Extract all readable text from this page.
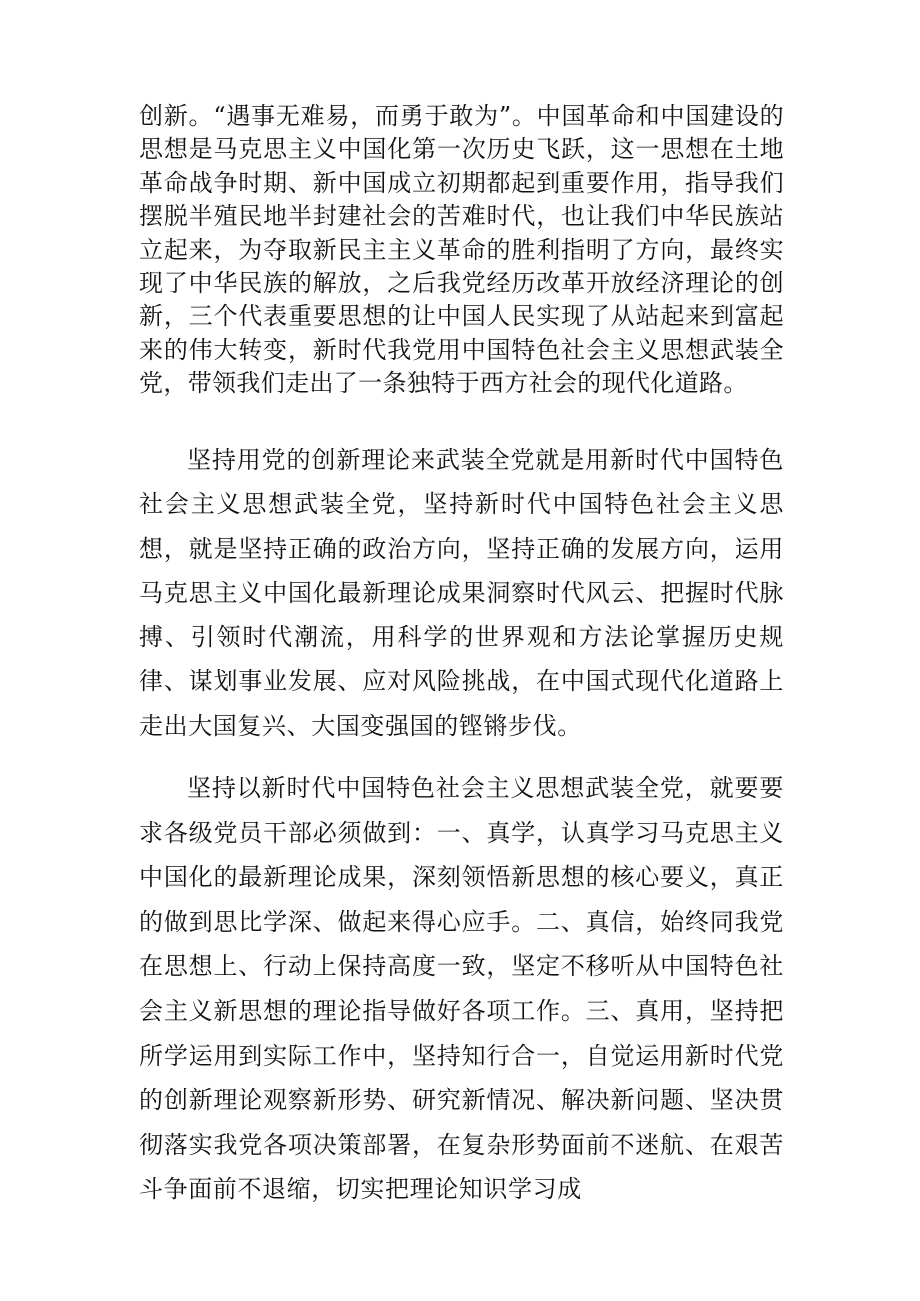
创新。“遇事无难易，而勇于敢为”。中国革命和中国建设的思想是马克思主义中国化第一次历史飞跃，这一思想在土地革命战争时期、新中国成立初期都起到重要作用，指导我们摆脱半殖民地半封建社会的苦难时代，也让我们中华民族站立起来，为夺取新民主主义革命的胜利指明了方向，最终实现了中华民族的解放，之后我党经历改革开放经济理论的创新，三个代表重要思想的让中国人民实现了从站起来到富起来的伟大转变，新时代我党用中国特色社会主义思想武装全党，带领我们走出了一条独特于西方社会的现代化道路。

坚持用党的创新理论来武装全党就是用新时代中国特色社会主义思想武装全党，坚持新时代中国特色社会主义思想，就是坚持正确的政治方向，坚持正确的发展方向，运用马克思主义中国化最新理论成果洞察时代风云、把握时代脉搏、引领时代潮流，用科学的世界观和方法论掌握历史规律、谋划事业发展、应对风险挑战，在中国式现代化道路上走出大国复兴、大国变强国的铿锵步伐。

坚持以新时代中国特色社会主义思想武装全党，就要要求各级党员干部必须做到：一、真学，认真学习马克思主义中国化的最新理论成果，深刻领悟新思想的核心要义，真正的做到思比学深、做起来得心应手。二、真信，始终同我党在思想上、行动上保持高度一致，坚定不移听从中国特色社会主义新思想的理论指导做好各项工作。三、真用，坚持把所学运用到实际工作中，坚持知行合一，自觉运用新时代党的创新理论观察新形势、研究新情况、解决新问题、坚决贯彻落实我党各项决策部署，在复杂形势面前不迷航、在艰苦斗争面前不退缩，切实把理论知识学习成
